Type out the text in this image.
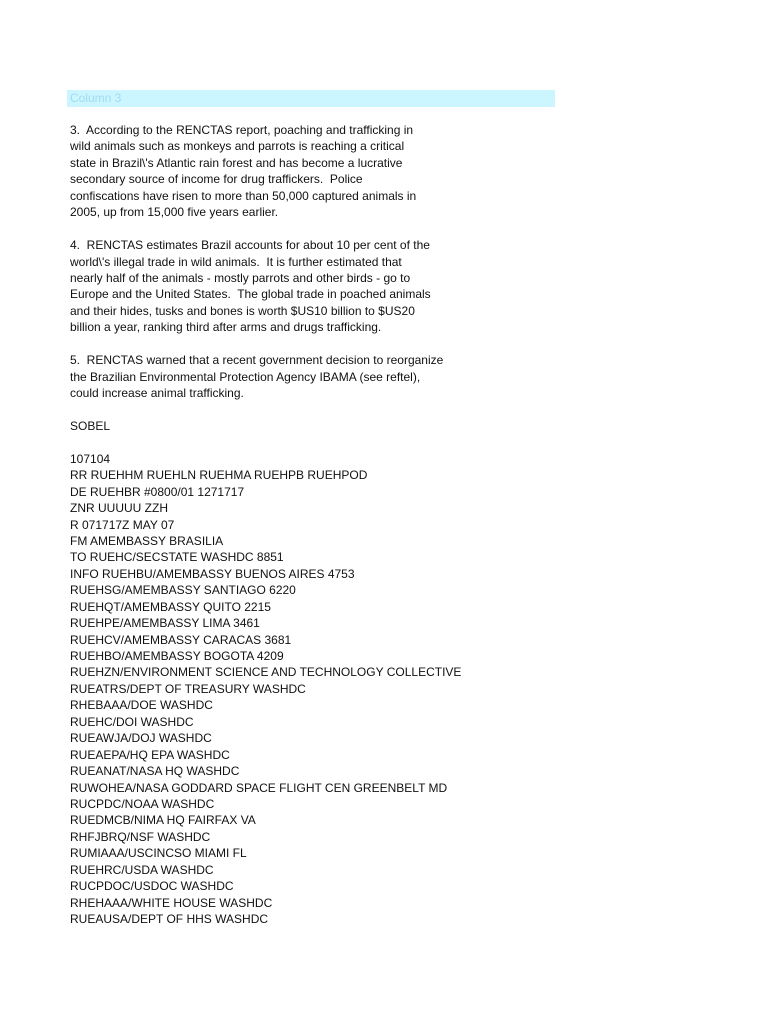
Column 3
3.  According to the RENCTAS report, poaching and trafficking in
wild animals such as monkeys and parrots is reaching a critical
state in Brazil\'s Atlantic rain forest and has become a lucrative
secondary source of income for drug traffickers.  Police
confiscations have risen to more than 50,000 captured animals in
2005, up from 15,000 five years earlier.
4.  RENCTAS estimates Brazil accounts for about 10 per cent of the
world\'s illegal trade in wild animals.  It is further estimated that
nearly half of the animals - mostly parrots and other birds - go to
Europe and the United States.  The global trade in poached animals
and their hides, tusks and bones is worth $US10 billion to $US20
billion a year, ranking third after arms and drugs trafficking.
5.  RENCTAS warned that a recent government decision to reorganize
the Brazilian Environmental Protection Agency IBAMA (see reftel),
could increase animal trafficking.
SOBEL
107104
RR RUEHHM RUEHLN RUEHMA RUEHPB RUEHPOD
DE RUEHBR #0800/01 1271717
ZNR UUUUU ZZH
R 071717Z MAY 07
FM AMEMBASSY BRASILIA
TO RUEHC/SECSTATE WASHDC 8851
INFO RUEHBU/AMEMBASSY BUENOS AIRES 4753
RUEHSG/AMEMBASSY SANTIAGO 6220
RUEHQT/AMEMBASSY QUITO 2215
RUEHPE/AMEMBASSY LIMA 3461
RUEHCV/AMEMBASSY CARACAS 3681
RUEHBO/AMEMBASSY BOGOTA 4209
RUEHZN/ENVIRONMENT SCIENCE AND TECHNOLOGY COLLECTIVE
RUEATRS/DEPT OF TREASURY WASHDC
RHEBAAA/DOE WASHDC
RUEHC/DOI WASHDC
RUEAWJA/DOJ WASHDC
RUEAEPA/HQ EPA WASHDC
RUEANAT/NASA HQ WASHDC
RUWOHEA/NASA GODDARD SPACE FLIGHT CEN GREENBELT MD
RUCPDC/NOAA WASHDC
RUEDMCB/NIMA HQ FAIRFAX VA
RHFJBRQ/NSF WASHDC
RUMIAAA/USCINCSO MIAMI FL
RUEHRC/USDA WASHDC
RUCPDOC/USDOC WASHDC
RHEHAAA/WHITE HOUSE WASHDC
RUEAUSA/DEPT OF HHS WASHDC
